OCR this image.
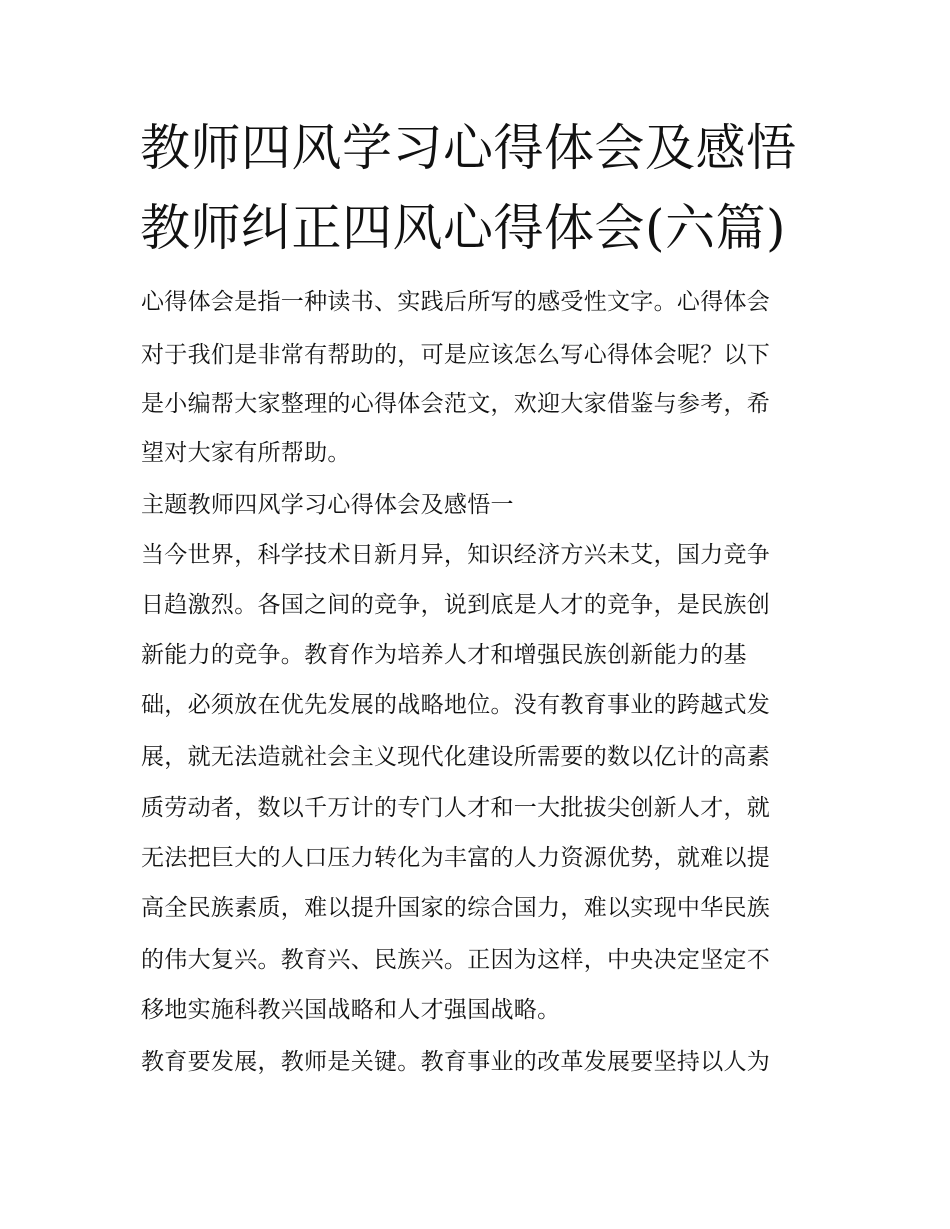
教师四风学习心得体会及感悟
教师纠正四风心得体会(六篇)

心得体会是指一种读书、实践后所写的感受性文字。心得体会

对于我们是非常有帮助的，可是应该怎么写心得体会呢？以下

是小编帮大家整理的心得体会范文，欢迎大家借鉴与参考，希

望对大家有所帮助。

主题教师四风学习心得体会及感悟一

当今世界，科学技术日新月异，知识经济方兴未艾，国力竞争

日趋激烈。各国之间的竞争，说到底是人才的竞争，是民族创

新能力的竞争。教育作为培养人才和增强民族创新能力的基

础，必须放在优先发展的战略地位。没有教育事业的跨越式发

展，就无法造就社会主义现代化建设所需要的数以亿计的高素

质劳动者，数以千万计的专门人才和一大批拔尖创新人才，就

无法把巨大的人口压力转化为丰富的人力资源优势，就难以提

高全民族素质，难以提升国家的综合国力，难以实现中华民族

的伟大复兴。教育兴、民族兴。正因为这样，中央决定坚定不

移地实施科教兴国战略和人才强国战略。

教育要发展，教师是关键。教育事业的改革发展要坚持以人为
